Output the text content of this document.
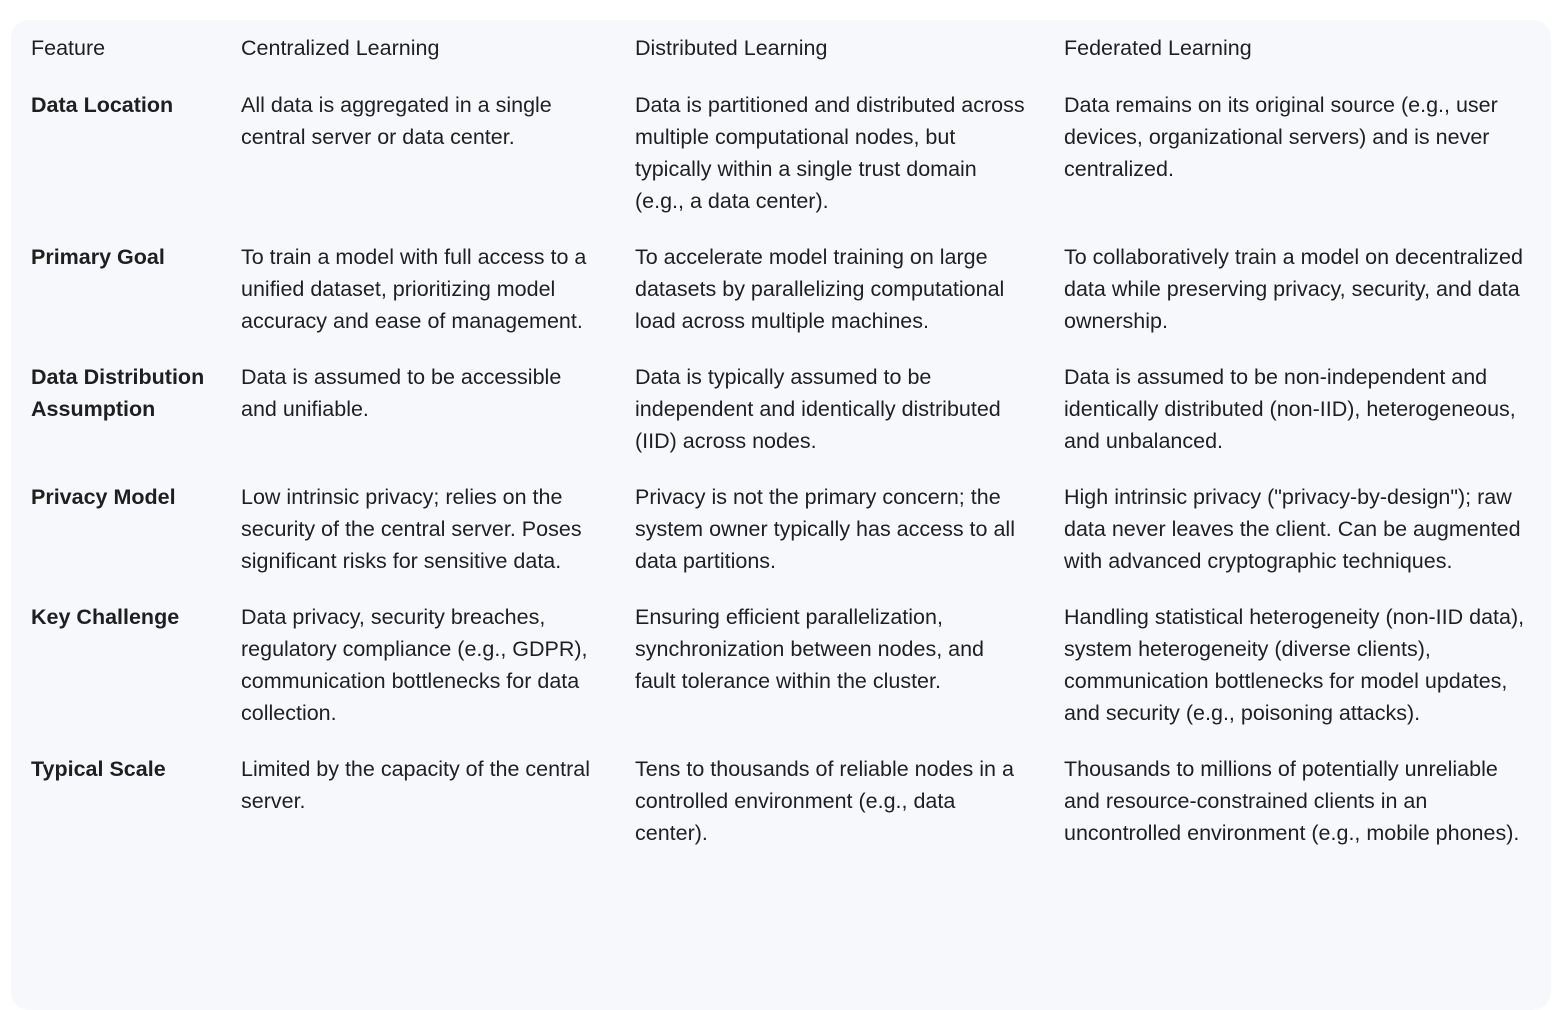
Feature	Centralized Learning	Distributed Learning	Federated Learning
Data Location	All data is aggregated in a single central server or data center.	Data is partitioned and distributed across multiple computational nodes, but typically within a single trust domain (e.g., a data center).	Data remains on its original source (e.g., user devices, organizational servers) and is never centralized.
Primary Goal	To train a model with full access to a unified dataset, prioritizing model accuracy and ease of management.	To accelerate model training on large datasets by parallelizing computational load across multiple machines.	To collaboratively train a model on decentralized data while preserving privacy, security, and data ownership.
Data Distribution Assumption	Data is assumed to be accessible and unifiable.	Data is typically assumed to be independent and identically distributed (IID) across nodes.	Data is assumed to be non-independent and identically distributed (non-IID), heterogeneous, and unbalanced.
Privacy Model	Low intrinsic privacy; relies on the security of the central server. Poses significant risks for sensitive data.	Privacy is not the primary concern; the system owner typically has access to all data partitions.	High intrinsic privacy ("privacy-by-design"); raw data never leaves the client. Can be augmented with advanced cryptographic techniques.
Key Challenge	Data privacy, security breaches, regulatory compliance (e.g., GDPR), communication bottlenecks for data collection.	Ensuring efficient parallelization, synchronization between nodes, and fault tolerance within the cluster.	Handling statistical heterogeneity (non-IID data), system heterogeneity (diverse clients), communication bottlenecks for model updates, and security (e.g., poisoning attacks).
Typical Scale	Limited by the capacity of the central server.	Tens to thousands of reliable nodes in a controlled environment (e.g., data center).	Thousands to millions of potentially unreliable and resource-constrained clients in an uncontrolled environment (e.g., mobile phones).
